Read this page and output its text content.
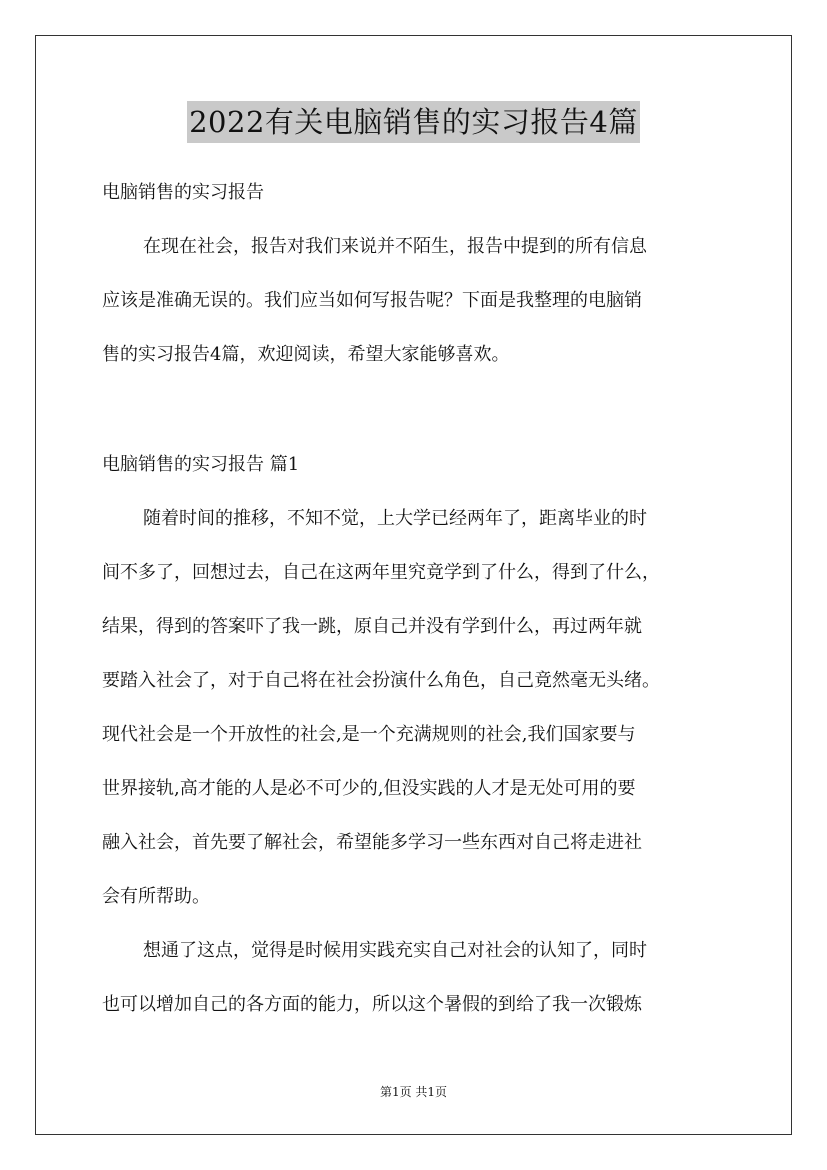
2022有关电脑销售的实习报告4篇
电脑销售的实习报告
在现在社会，报告对我们来说并不陌生，报告中提到的所有信息
应该是准确无误的。我们应当如何写报告呢？下面是我整理的电脑销
售的实习报告4篇，欢迎阅读，希望大家能够喜欢。
电脑销售的实习报告 篇1
随着时间的推移，不知不觉，上大学已经两年了，距离毕业的时
间不多了，回想过去，自己在这两年里究竟学到了什么，得到了什么，
结果，得到的答案吓了我一跳，原自己并没有学到什么，再过两年就
要踏入社会了，对于自己将在社会扮演什么角色，自己竟然毫无头绪。
现代社会是一个开放性的社会,是一个充满规则的社会,我们国家要与
世界接轨,高才能的人是必不可少的,但没实践的人才是无处可用的要
融入社会，首先要了解社会，希望能多学习一些东西对自己将走进社
会有所帮助。
想通了这点，觉得是时候用实践充实自己对社会的认知了，同时
也可以增加自己的各方面的能力，所以这个暑假的到给了我一次锻炼
第1页 共1页
